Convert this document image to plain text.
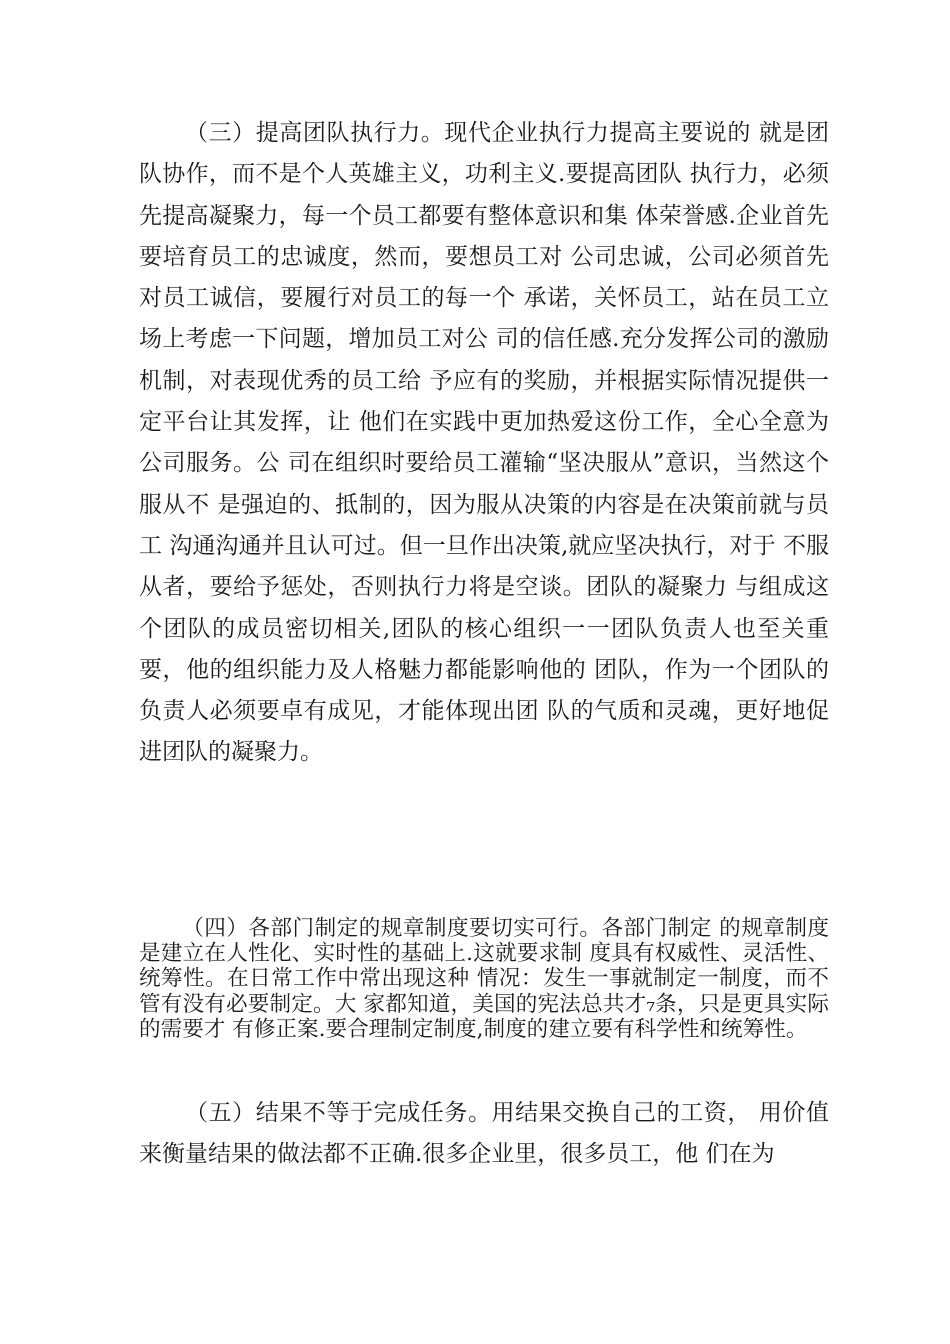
（三）提高团队执行力。现代企业执行力提高主要说的 就是团队协作，而不是个人英雄主义，功利主义.要提高团队 执行力，必须先提高凝聚力，每一个员工都要有整体意识和集 体荣誉感.企业首先要培育员工的忠诚度，然而，要想员工对 公司忠诚，公司必须首先对员工诚信，要履行对员工的每一个 承诺，关怀员工，站在员工立场上考虑一下问题，增加员工对公 司的信任感.充分发挥公司的激励机制，对表现优秀的员工给 予应有的奖励，并根据实际情况提供一定平台让其发挥，让 他们在实践中更加热爱这份工作，全心全意为公司服务。公 司在组织时要给员工灌输“坚决服从”意识，当然这个服从不 是强迫的、抵制的，因为服从决策的内容是在决策前就与员工 沟通沟通并且认可过。但一旦作出决策,就应坚决执行，对于 不服从者，要给予惩处，否则执行力将是空谈。团队的凝聚力 与组成这个团队的成员密切相关,团队的核心组织一一团队负责人也至关重要，他的组织能力及人格魅力都能影响他的 团队，作为一个团队的负责人必须要卓有成见，才能体现出团 队的气质和灵魂，更好地促进团队的凝聚力。

（四）各部门制定的规章制度要切实可行。各部门制定 的规章制度是建立在人性化、实时性的基础上.这就要求制 度具有权威性、灵活性、统筹性。在日常工作中常出现这种 情况：发生一事就制定一制度，而不管有没有必要制定。大 家都知道，美国的宪法总共才₇条，只是更具实际的需要才 有修正案.要合理制定制度,制度的建立要有科学性和统筹性。

（五）结果不等于完成任务。用结果交换自己的工资， 用价值来衡量结果的做法都不正确.很多企业里，很多员工，他 们在为
